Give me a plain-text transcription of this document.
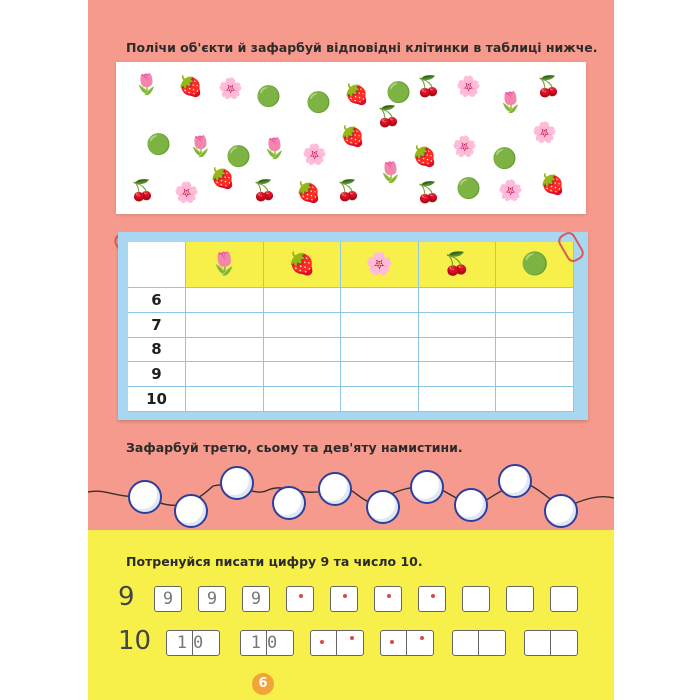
Полічи об'єкти й зафарбуй відповідні клітинки в таблиці нижче.
🌷 🍓 🌸 🟢 🟢 🍓 🟢 🍒 🌸
🌷
🍒
🟢 🌷 🟢 🌷 🌸
🍓
🍒
🍓 🌸 🟢
🌸
🍒 🌸
🍓 🍒 🍓 🍒
🌷
🍒 🟢 🌸 🍓
🌷	🍓	🌸	🍒	🟢
6
7
8
9
10
Зафарбуй третю, сьому та дев'яту намистини.
Потренуйся писати цифру 9 та число 10.
9	9	9	9
10	10	10
6
